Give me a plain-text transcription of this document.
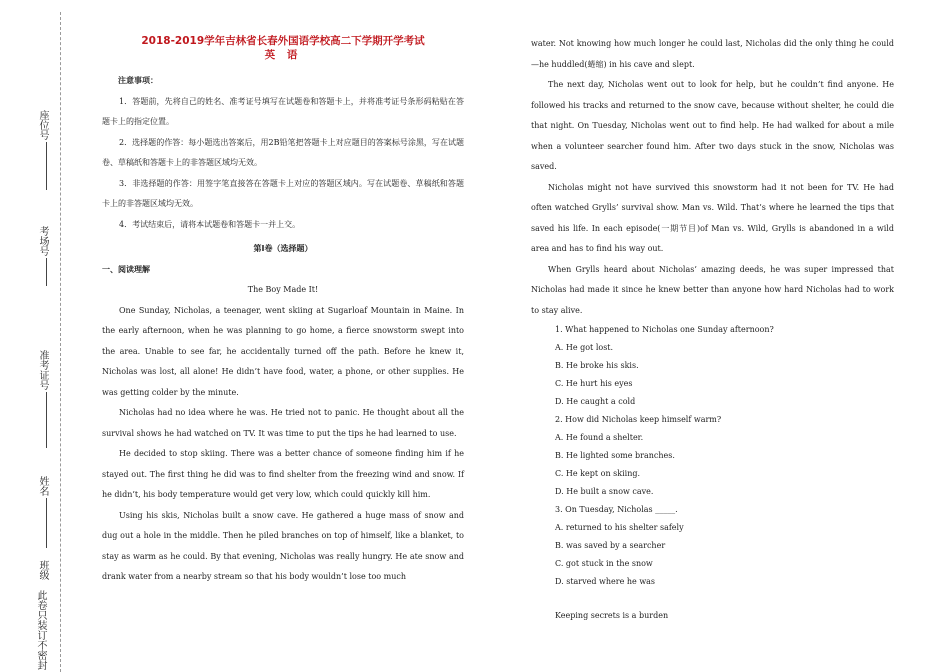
座位号
考场号
准考证号
姓名
班级
此卷只装订不密封
2018-2019学年吉林省长春外国语学校高二下学期开学考试
英 语
注意事项：

1．答题前，先将自己的姓名、准考证号填写在试题卷和答题卡上，并将准考证号条形码粘贴在答题卡上的指定位置。

2．选择题的作答：每小题选出答案后，用2B铅笔把答题卡上对应题目的答案标号涂黑，写在试题卷、草稿纸和答题卡上的非答题区域均无效。

3．非选择题的作答：用签字笔直接答在答题卡上对应的答题区域内。写在试题卷、草稿纸和答题卡上的非答题区域均无效。

4．考试结束后，请将本试题卷和答题卡一并上交。

第Ⅰ卷（选择题）
一、阅读理解
The Boy Made It!

One Sunday, Nicholas, a teenager, went skiing at Sugarloaf Mountain in Maine. In the early afternoon, when he was planning to go home, a fierce snowstorm swept into the area. Unable to see far, he accidentally turned off the path. Before he knew it, Nicholas was lost, all alone! He didn’t have food, water, a phone, or other supplies. He was getting colder by the minute.

Nicholas had no idea where he was. He tried not to panic. He thought about all the survival shows he had watched on TV. It was time to put the tips he had learned to use.

He decided to stop skiing. There was a better chance of someone finding him if he stayed out. The first thing he did was to find shelter from the freezing wind and snow. If he didn’t, his body temperature would get very low, which could quickly kill him.

Using his skis, Nicholas built a snow cave. He gathered a huge mass of snow and dug out a hole in the middle. Then he piled branches on top of himself, like a blanket, to stay as warm as he could. By that evening, Nicholas was really hungry. He ate snow and drank water from a nearby stream so that his body wouldn’t lose too much

water. Not knowing how much longer he could last, Nicholas did the only thing he could—he huddled(蜷缩) in his cave and slept.

The next day, Nicholas went out to look for help, but he couldn’t find anyone. He followed his tracks and returned to the snow cave, because without shelter, he could die that night. On Tuesday, Nicholas went out to find help. He had walked for about a mile when a volunteer searcher found him. After two days stuck in the snow, Nicholas was saved.

Nicholas might not have survived this snowstorm had it not been for TV. He had often watched Grylls’ survival show. Man vs. Wild. That’s where he learned the tips that saved his life. In each episode(一期节目)of Man vs. Wild, Grylls is abandoned in a wild area and has to find his way out.

When Grylls heard about Nicholas’ amazing deeds, he was super impressed that Nicholas had made it since he knew better than anyone how hard Nicholas had to work to stay alive.

1. What happened to Nicholas one Sunday afternoon?
A. He got lost.
B. He broke his skis.
C. He hurt his eyes
D. He caught a cold
2. How did Nicholas keep himself warm?
A. He found a shelter.
B. He lighted some branches.
C. He kept on skiing.
D. He built a snow cave.
3. On Tuesday, Nicholas _____.
A. returned to his shelter safely
B. was saved by a searcher
C. got stuck in the snow
D. starved where he was
Keeping secrets is a burden
